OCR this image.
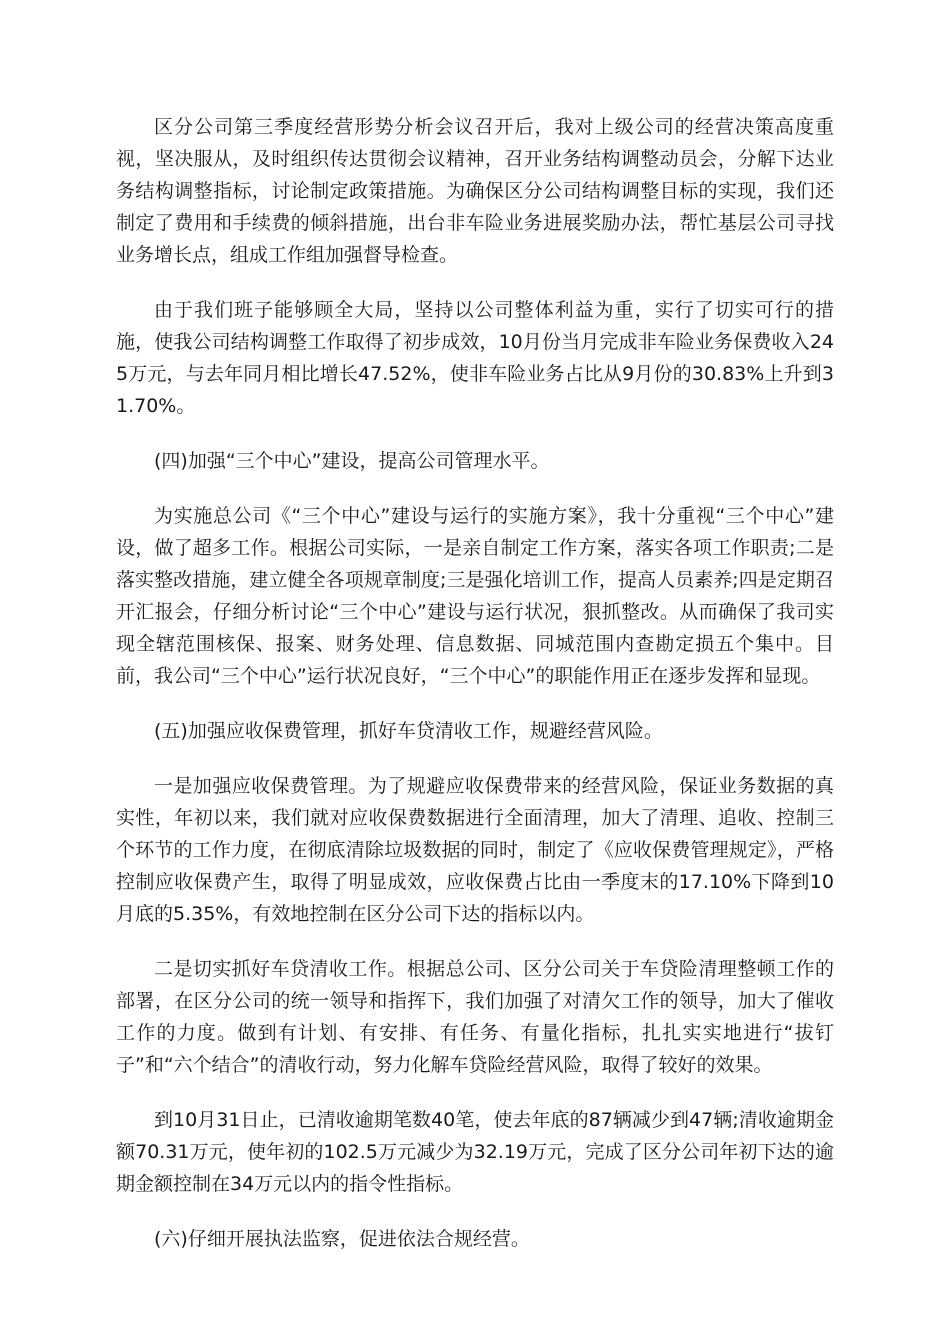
区分公司第三季度经营形势分析会议召开后，我对上级公司的经营决策高度重视，坚决服从，及时组织传达贯彻会议精神，召开业务结构调整动员会，分解下达业务结构调整指标，讨论制定政策措施。为确保区分公司结构调整目标的实现，我们还制定了费用和手续费的倾斜措施，出台非车险业务进展奖励办法，帮忙基层公司寻找业务增长点，组成工作组加强督导检查。

由于我们班子能够顾全大局，坚持以公司整体利益为重，实行了切实可行的措施，使我公司结构调整工作取得了初步成效，10月份当月完成非车险业务保费收入245万元，与去年同月相比增长47.52%，使非车险业务占比从9月份的30.83%上升到31.70%。

(四)加强“三个中心”建设，提高公司管理水平。

为实施总公司《“三个中心”建设与运行的实施方案》，我十分重视“三个中心”建设，做了超多工作。根据公司实际，一是亲自制定工作方案，落实各项工作职责;二是落实整改措施，建立健全各项规章制度;三是强化培训工作，提高人员素养;四是定期召开汇报会，仔细分析讨论“三个中心”建设与运行状况，狠抓整改。从而确保了我司实现全辖范围核保、报案、财务处理、信息数据、同城范围内查勘定损五个集中。目前，我公司“三个中心”运行状况良好，“三个中心”的职能作用正在逐步发挥和显现。

(五)加强应收保费管理，抓好车贷清收工作，规避经营风险。

一是加强应收保费管理。为了规避应收保费带来的经营风险，保证业务数据的真实性，年初以来，我们就对应收保费数据进行全面清理，加大了清理、追收、控制三个环节的工作力度，在彻底清除垃圾数据的同时，制定了《应收保费管理规定》，严格控制应收保费产生，取得了明显成效，应收保费占比由一季度末的17.10%下降到10月底的5.35%，有效地控制在区分公司下达的指标以内。

二是切实抓好车贷清收工作。根据总公司、区分公司关于车贷险清理整顿工作的部署，在区分公司的统一领导和指挥下，我们加强了对清欠工作的领导，加大了催收工作的力度。做到有计划、有安排、有任务、有量化指标，扎扎实实地进行“拔钉子”和“六个结合”的清收行动，努力化解车贷险经营风险，取得了较好的效果。

到10月31日止，已清收逾期笔数40笔，使去年底的87辆减少到47辆;清收逾期金额70.31万元，使年初的102.5万元减少为32.19万元，完成了区分公司年初下达的逾期金额控制在34万元以内的指令性指标。

(六)仔细开展执法监察，促进依法合规经营。
